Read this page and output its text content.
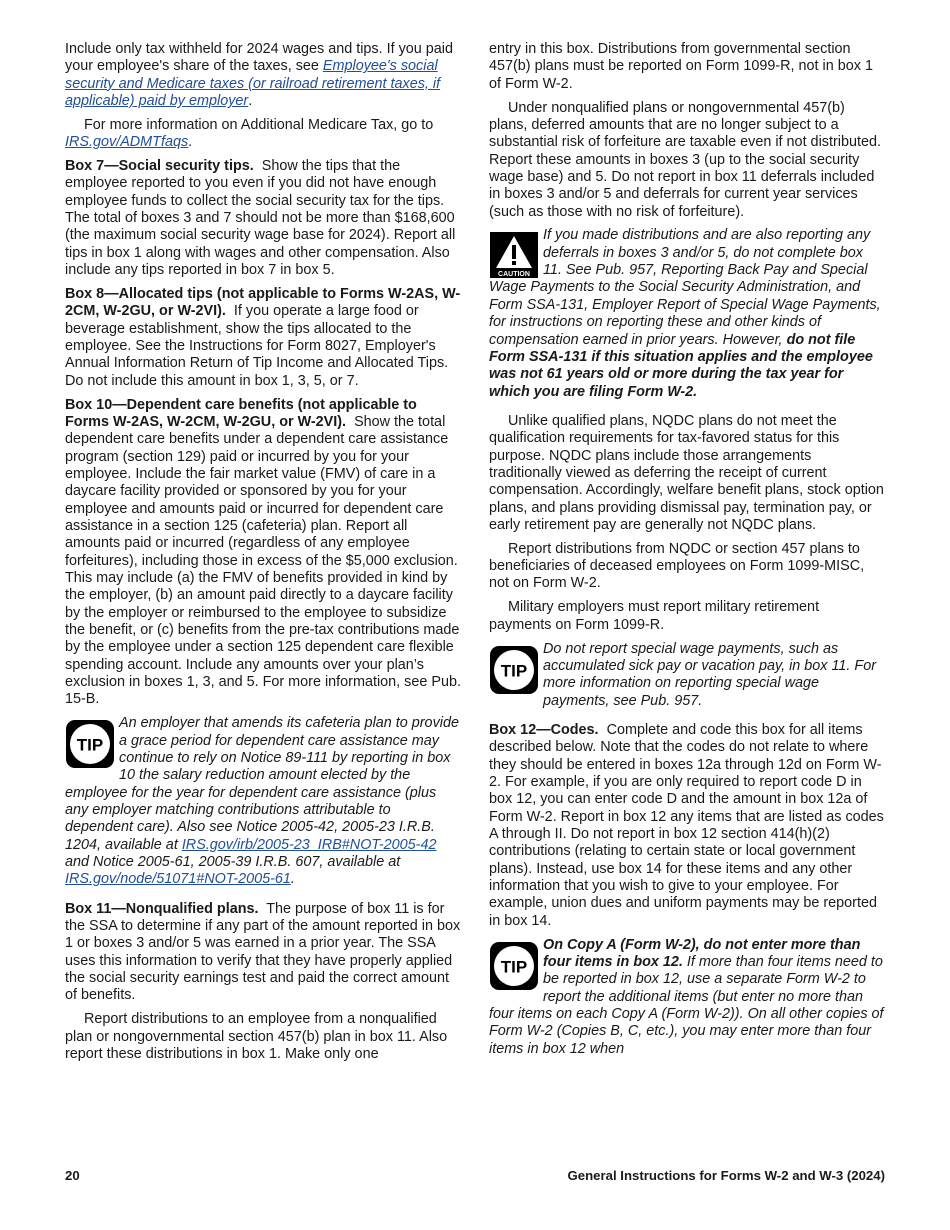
Include only tax withheld for 2024 wages and tips. If you paid your employee's share of the taxes, see Employee's social security and Medicare taxes (or railroad retirement taxes, if applicable) paid by employer.

For more information on Additional Medicare Tax, go to IRS.gov/ADMTfaqs.

Box 7—Social security tips. Show the tips that the employee reported to you even if you did not have enough employee funds to collect the social security tax for the tips. The total of boxes 3 and 7 should not be more than $168,600 (the maximum social security wage base for 2024). Report all tips in box 1 along with wages and other compensation. Also include any tips reported in box 7 in box 5.

Box 8—Allocated tips (not applicable to Forms W-2AS, W-2CM, W-2GU, or W-2VI). If you operate a large food or beverage establishment, show the tips allocated to the employee. See the Instructions for Form 8027, Employer's Annual Information Return of Tip Income and Allocated Tips. Do not include this amount in box 1, 3, 5, or 7.

Box 10—Dependent care benefits (not applicable to Forms W-2AS, W-2CM, W-2GU, or W-2VI). Show the total dependent care benefits under a dependent care assistance program (section 129) paid or incurred by you for your employee. Include the fair market value (FMV) of care in a daycare facility provided or sponsored by you for your employee and amounts paid or incurred for dependent care assistance in a section 125 (cafeteria) plan. Report all amounts paid or incurred (regardless of any employee forfeitures), including those in excess of the $5,000 exclusion. This may include (a) the FMV of benefits provided in kind by the employer, (b) an amount paid directly to a daycare facility by the employer or reimbursed to the employee to subsidize the benefit, or (c) benefits from the pre-tax contributions made by the employee under a section 125 dependent care flexible spending account. Include any amounts over your plan’s exclusion in boxes 1, 3, and 5. For more information, see Pub. 15-B.

TIP

An employer that amends its cafeteria plan to provide a grace period for dependent care assistance may continue to rely on Notice 89-111 by reporting in box 10 the salary reduction amount elected by the employee for the year for dependent care assistance (plus any employer matching contributions attributable to dependent care). Also see Notice 2005-42, 2005-23 I.R.B. 1204, available at IRS.gov/irb/2005-23_IRB#NOT-2005-42 and Notice 2005-61, 2005-39 I.R.B. 607, available at IRS.gov/node/51071#NOT-2005-61.

Box 11—Nonqualified plans. The purpose of box 11 is for the SSA to determine if any part of the amount reported in box 1 or boxes 3 and/or 5 was earned in a prior year. The SSA uses this information to verify that they have properly applied the social security earnings test and paid the correct amount of benefits.

Report distributions to an employee from a nonqualified plan or nongovernmental section 457(b) plan in box 11. Also report these distributions in box 1. Make only one

entry in this box. Distributions from governmental section 457(b) plans must be reported on Form 1099-R, not in box 1 of Form W-2.

Under nonqualified plans or nongovernmental 457(b) plans, deferred amounts that are no longer subject to a substantial risk of forfeiture are taxable even if not distributed. Report these amounts in boxes 3 (up to the social security wage base) and 5. Do not report in box 11 deferrals included in boxes 3 and/or 5 and deferrals for current year services (such as those with no risk of forfeiture).

CAUTION

If you made distributions and are also reporting any deferrals in boxes 3 and/or 5, do not complete box 11. See Pub. 957, Reporting Back Pay and Special Wage Payments to the Social Security Administration, and Form SSA-131, Employer Report of Special Wage Payments, for instructions on reporting these and other kinds of compensation earned in prior years. However, do not file Form SSA-131 if this situation applies and the employee was not 61 years old or more during the tax year for which you are filing Form W-2.

Unlike qualified plans, NQDC plans do not meet the qualification requirements for tax-favored status for this purpose. NQDC plans include those arrangements traditionally viewed as deferring the receipt of current compensation. Accordingly, welfare benefit plans, stock option plans, and plans providing dismissal pay, termination pay, or early retirement pay are generally not NQDC plans.

Report distributions from NQDC or section 457 plans to beneficiaries of deceased employees on Form 1099-MISC, not on Form W-2.

Military employers must report military retirement payments on Form 1099-R.

TIP

Do not report special wage payments, such as accumulated sick pay or vacation pay, in box 11. For more information on reporting special wage payments, see Pub. 957.

Box 12—Codes. Complete and code this box for all items described below. Note that the codes do not relate to where they should be entered in boxes 12a through 12d on Form W-2. For example, if you are only required to report code D in box 12, you can enter code D and the amount in box 12a of Form W-2. Report in box 12 any items that are listed as codes A through II. Do not report in box 12 section 414(h)(2) contributions (relating to certain state or local government plans). Instead, use box 14 for these items and any other information that you wish to give to your employee. For example, union dues and uniform payments may be reported in box 14.

TIP

On Copy A (Form W-2), do not enter more than four items in box 12. If more than four items need to be reported in box 12, use a separate Form W-2 to report the additional items (but enter no more than four items on each Copy A (Form W-2)). On all other copies of Form W-2 (Copies B, C, etc.), you may enter more than four items in box 12 when

20	General Instructions for Forms W-2 and W-3 (2024)
